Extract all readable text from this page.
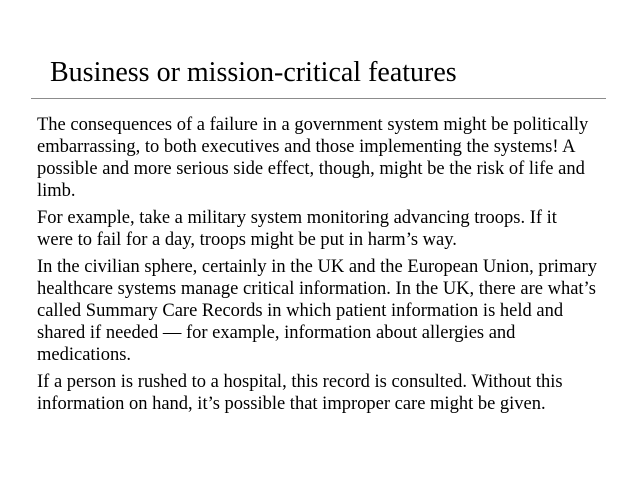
Business or mission-critical features

The consequences of a failure in a government system might be politically embarrassing, to both executives and those implementing the systems! A possible and more serious side effect, though, might be the risk of life and limb.

For example, take a military system monitoring advancing troops. If it were to fail for a day, troops might be put in harm’s way.

In the civilian sphere, certainly in the UK and the European Union, primary healthcare systems manage critical information. In the UK, there are what’s called Summary Care Records in which patient information is held and shared if needed — for example, information about allergies and medications.

If a person is rushed to a hospital, this record is consulted. Without this information on hand, it’s possible that improper care might be given.
